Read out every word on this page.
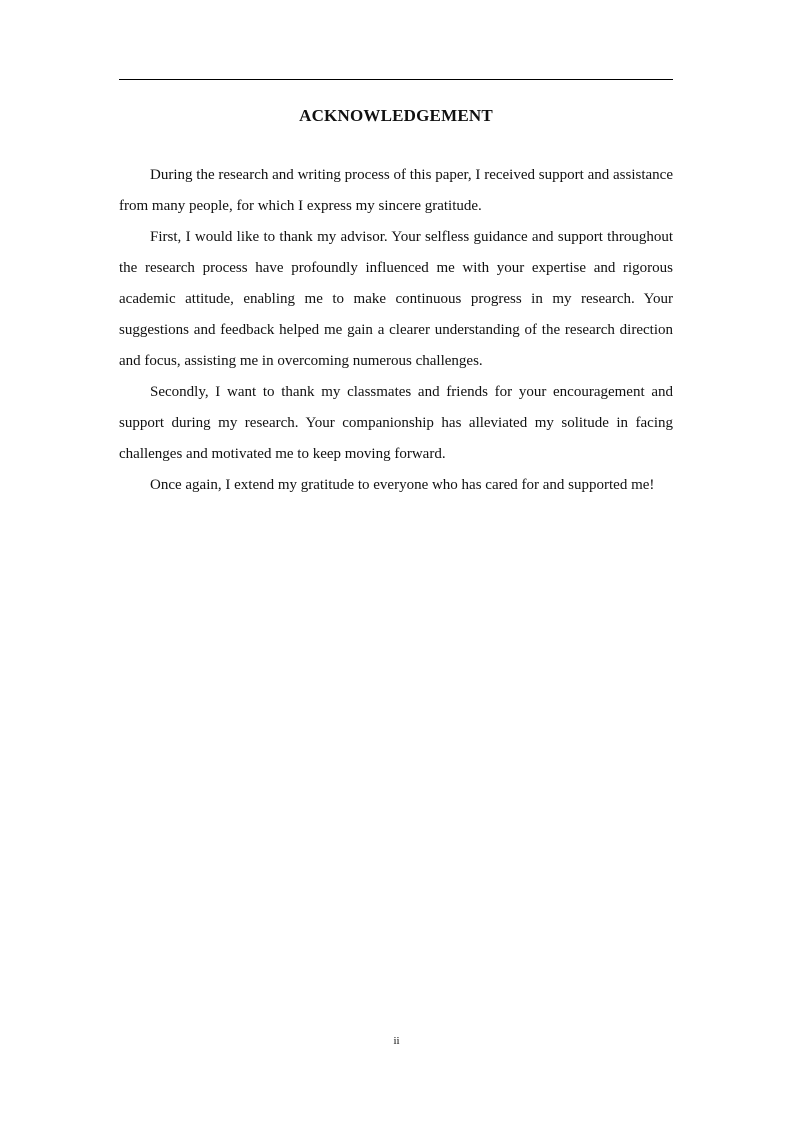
ACKNOWLEDGEMENT

During the research and writing process of this paper, I received support and assistance from many people, for which I express my sincere gratitude.

First, I would like to thank my advisor. Your selfless guidance and support throughout the research process have profoundly influenced me with your expertise and rigorous academic attitude, enabling me to make continuous progress in my research. Your suggestions and feedback helped me gain a clearer understanding of the research direction and focus, assisting me in overcoming numerous challenges.

Secondly, I want to thank my classmates and friends for your encouragement and support during my research. Your companionship has alleviated my solitude in facing challenges and motivated me to keep moving forward.

Once again, I extend my gratitude to everyone who has cared for and supported me!

ii
